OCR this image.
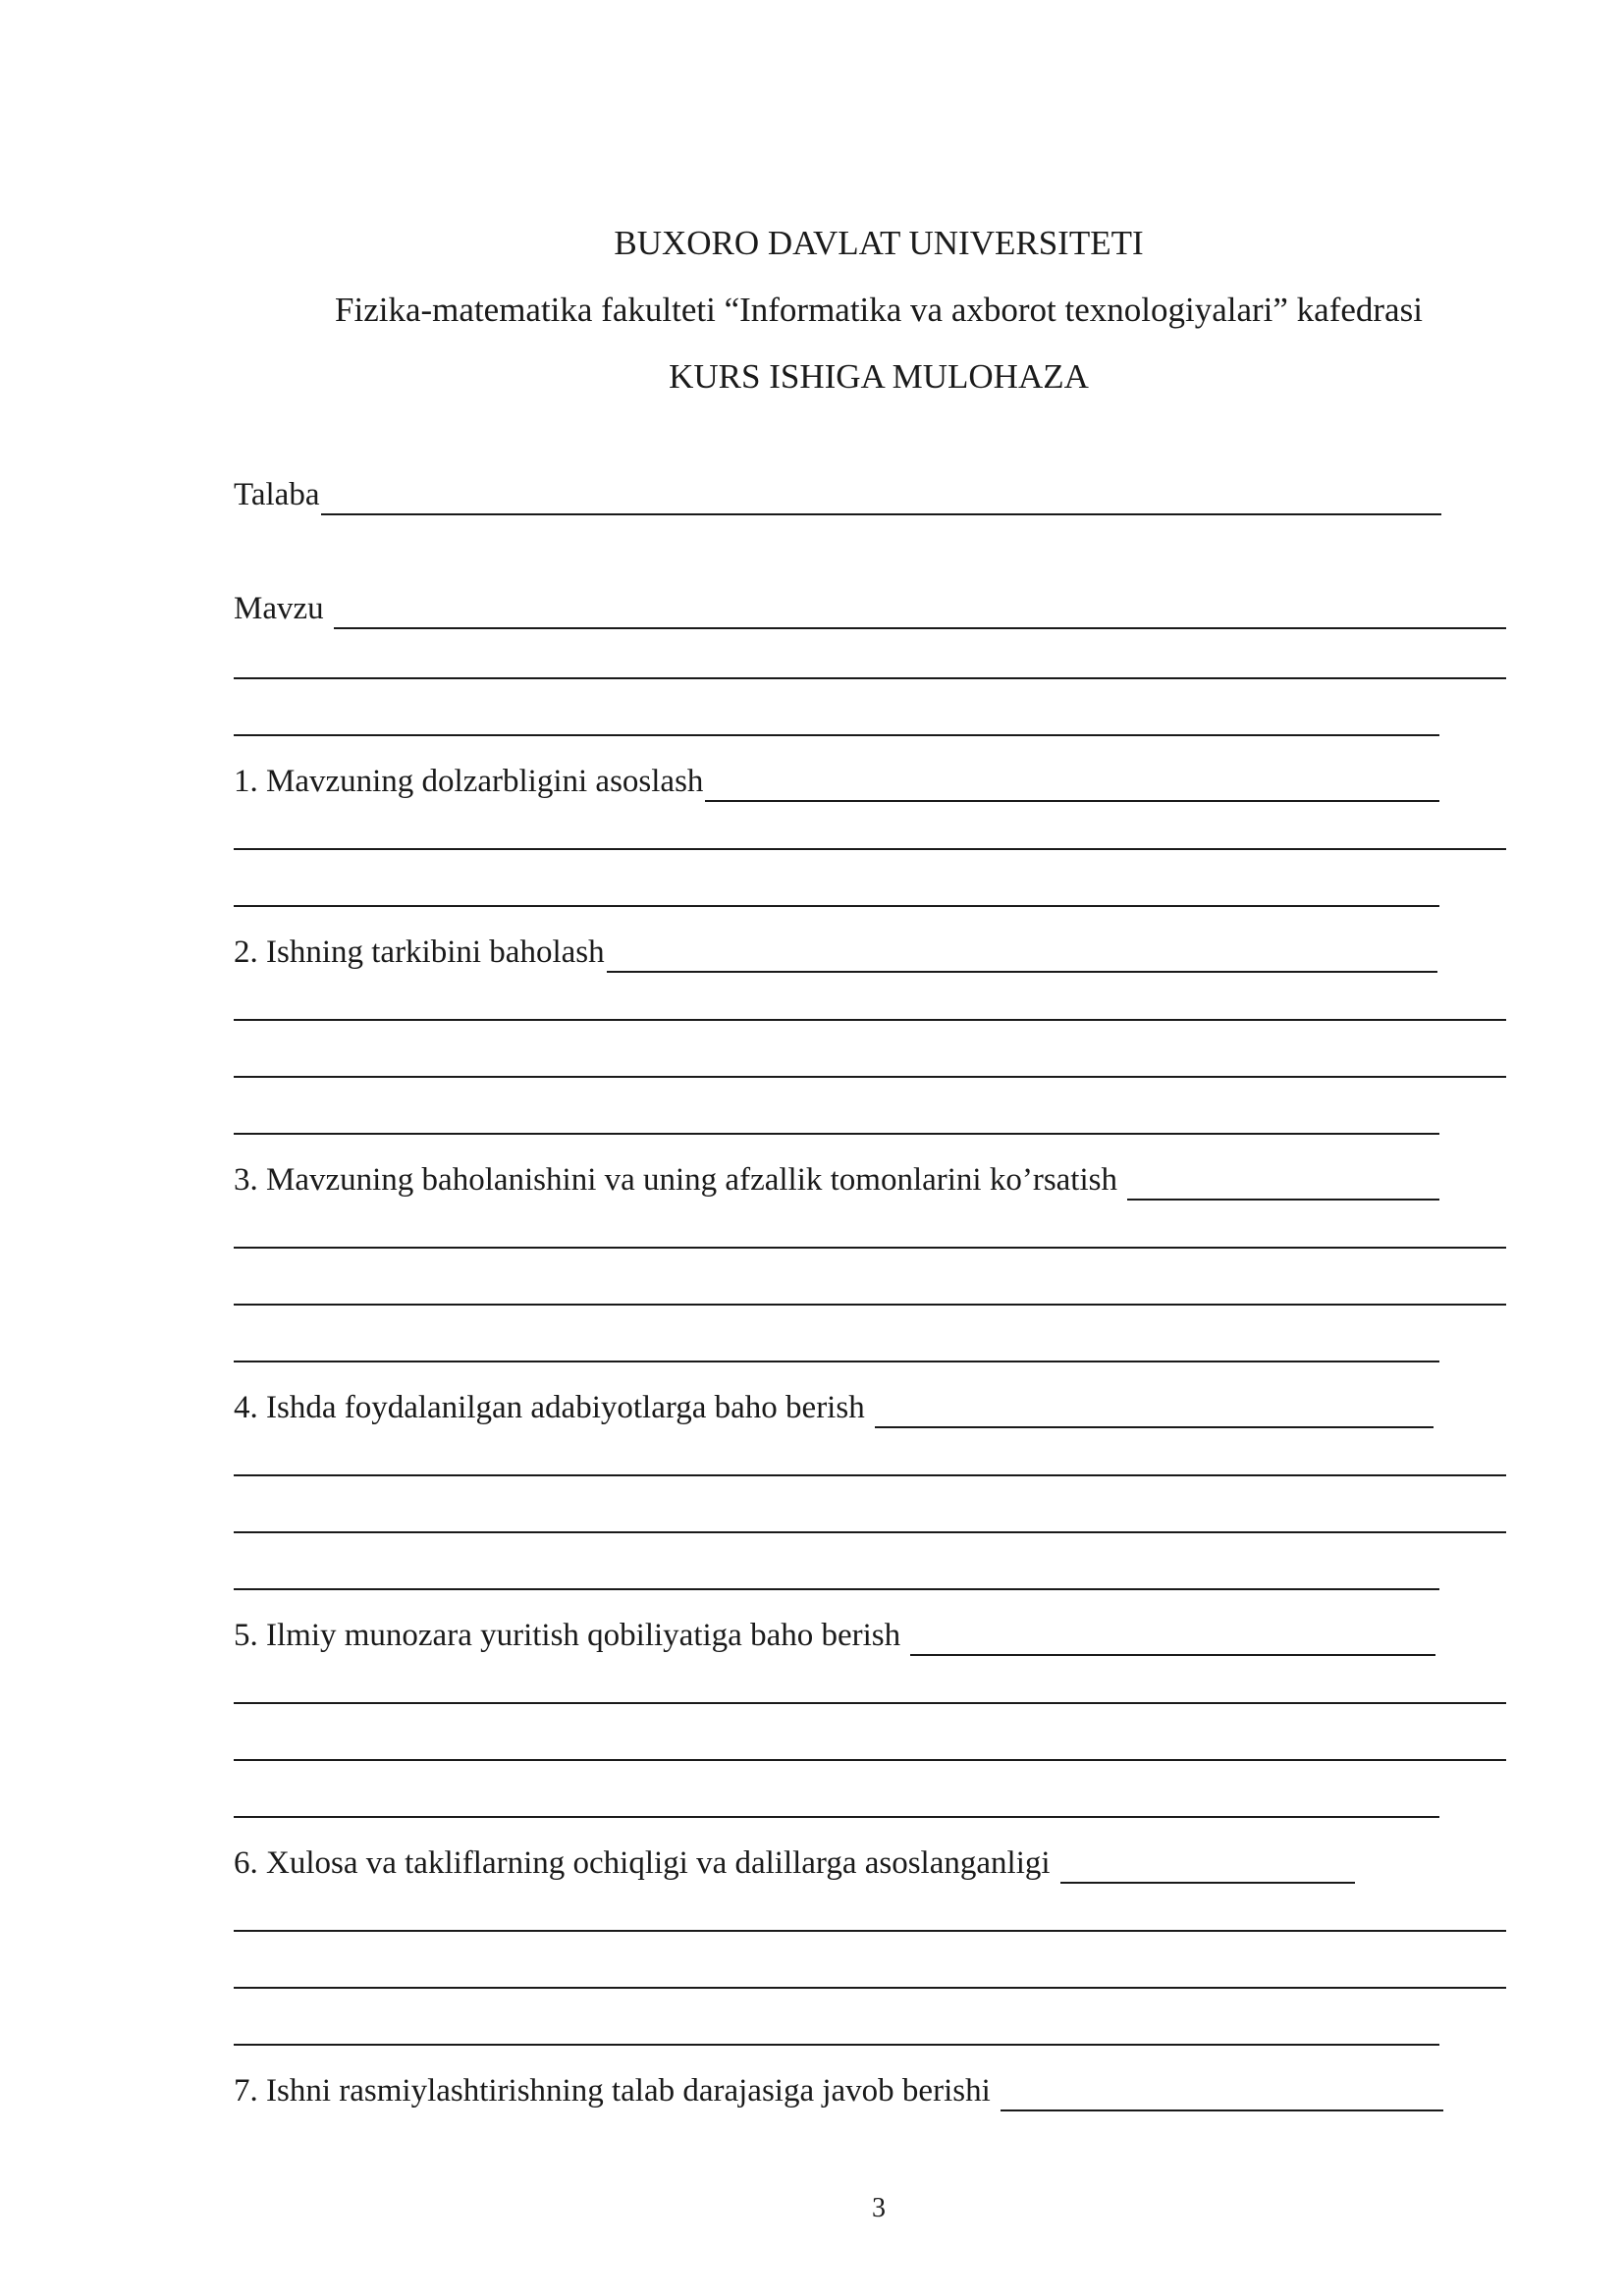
BUXORO DAVLAT UNIVERSITETI
Fizika-matematika fakulteti “Informatika va axborot texnologiyalari” kafedrasi
KURS ISHIGA MULOHAZA
Talaba
Mavzu
1. Mavzuning dolzarbligini asoslash
2. Ishning tarkibini baholash
3. Mavzuning baholanishini va uning afzallik tomonlarini ko’rsatish
4. Ishda foydalanilgan adabiyotlarga baho berish
5. Ilmiy munozara yuritish qobiliyatiga baho berish
6. Xulosa va takliflarning ochiqligi va dalillarga asoslanganligi
7. Ishni rasmiylashtirishning talab darajasiga javob berishi
3
